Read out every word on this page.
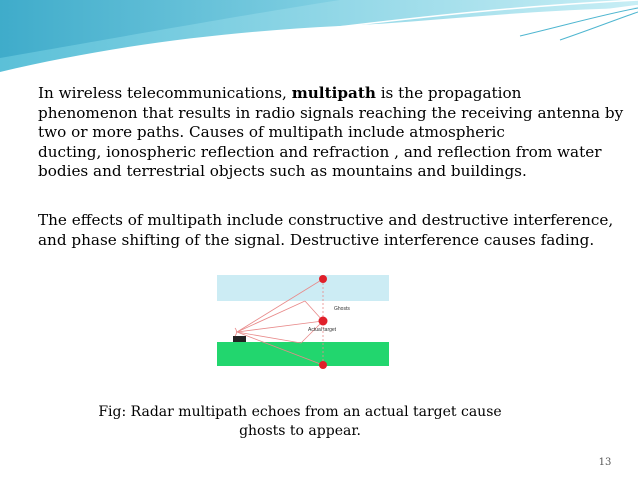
In wireless telecommunications, multipath is the propagation
phenomenon that results in radio signals reaching the receiving antenna by
two or more paths. Causes of multipath include atmospheric
ducting, ionospheric reflection and refraction , and reflection from water
bodies and terrestrial objects such as mountains and buildings.
The effects of multipath include constructive and destructive interference,
and phase shifting of the signal. Destructive interference causes fading.
Ghosts
Actual target
Fig: Radar multipath echoes from an actual target cause
ghosts to appear.
13
